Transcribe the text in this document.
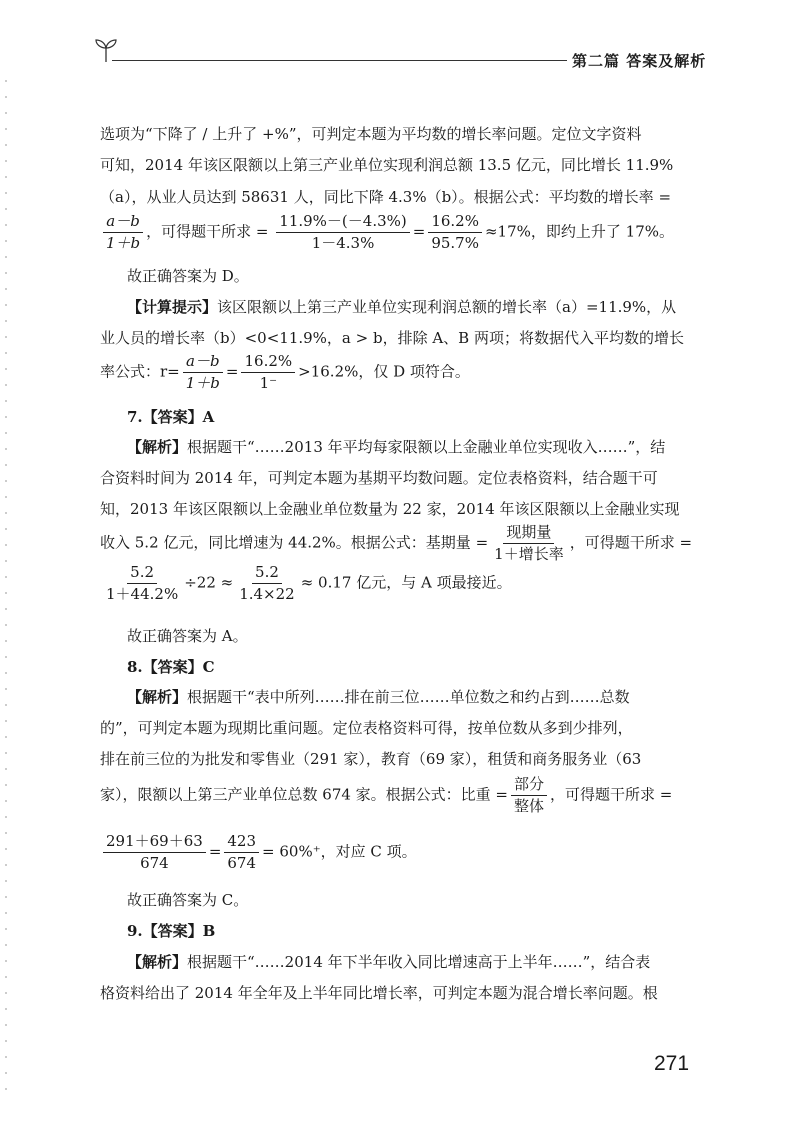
第二篇 答案及解析
选项为“下降了 / 上升了 +%”，可判定本题为平均数的增长率问题。定位文字资料
可知，2014 年该区限额以上第三产业单位实现利润总额 13.5 亿元，同比增长 11.9%
（a），从业人员达到 58631 人，同比下降 4.3%（b）。根据公式：平均数的增长率 =
$\frac{a-b}{1+b}$ ，可得题干所求 = $\frac{11.9\%-(-4.3\%)}{1-4.3\%} = \frac{16.2\%}{95.7\%} \approx 17\%$，即约上升了 17%。
故正确答案为 D。
【计算提示】该区限额以上第三产业单位实现利润总额的增长率（a）=11.9%，从
业人员的增长率（b）<0<11.9%，a > b，排除 A、B 两项；将数据代入平均数的增长
率公式：$r= \frac{a-b}{1+b} = \frac{16.2\%}{1^-} >16.2\%$，仅 D 项符合。
7.【答案】A
【解析】根据题干“……2013 年平均每家限额以上金融业单位实现收入……”，结
合资料时间为 2014 年，可判定本题为基期平均数问题。定位表格资料，结合题干可
知，2013 年该区限额以上金融业单位数量为 22 家，2014 年该区限额以上金融业实现
收入 5.2 亿元，同比增速为 44.2%。根据公式：基期量 = $\frac{\text{现期量}}{\text{1＋增长率}}$ ，可得题干所求 =
$\frac{5.2}{1+44.2\%} \div 22 \approx \frac{5.2}{1.4\times 22} \approx 0.17$ 亿元，与 A 项最接近。
故正确答案为 A。
8.【答案】C
【解析】根据题干“表中所列……排在前三位……单位数之和约占到……总数
的”，可判定本题为现期比重问题。定位表格资料可得，按单位数从多到少排列，
排在前三位的为批发和零售业（291 家），教育（69 家），租赁和商务服务业（63
家），限额以上第三产业单位总数 674 家。根据公式：比重 = $\frac{\text{部分}}{\text{整体}}$ ，可得题干所求 =
$\frac{291+69+63}{674} = \frac{423}{674} = 60\%^+$，对应 C 项。
故正确答案为 C。
9.【答案】B
【解析】根据题干“……2014 年下半年收入同比增速高于上半年……”，结合表
格资料给出了 2014 年全年及上半年同比增长率，可判定本题为混合增长率问题。根
271
